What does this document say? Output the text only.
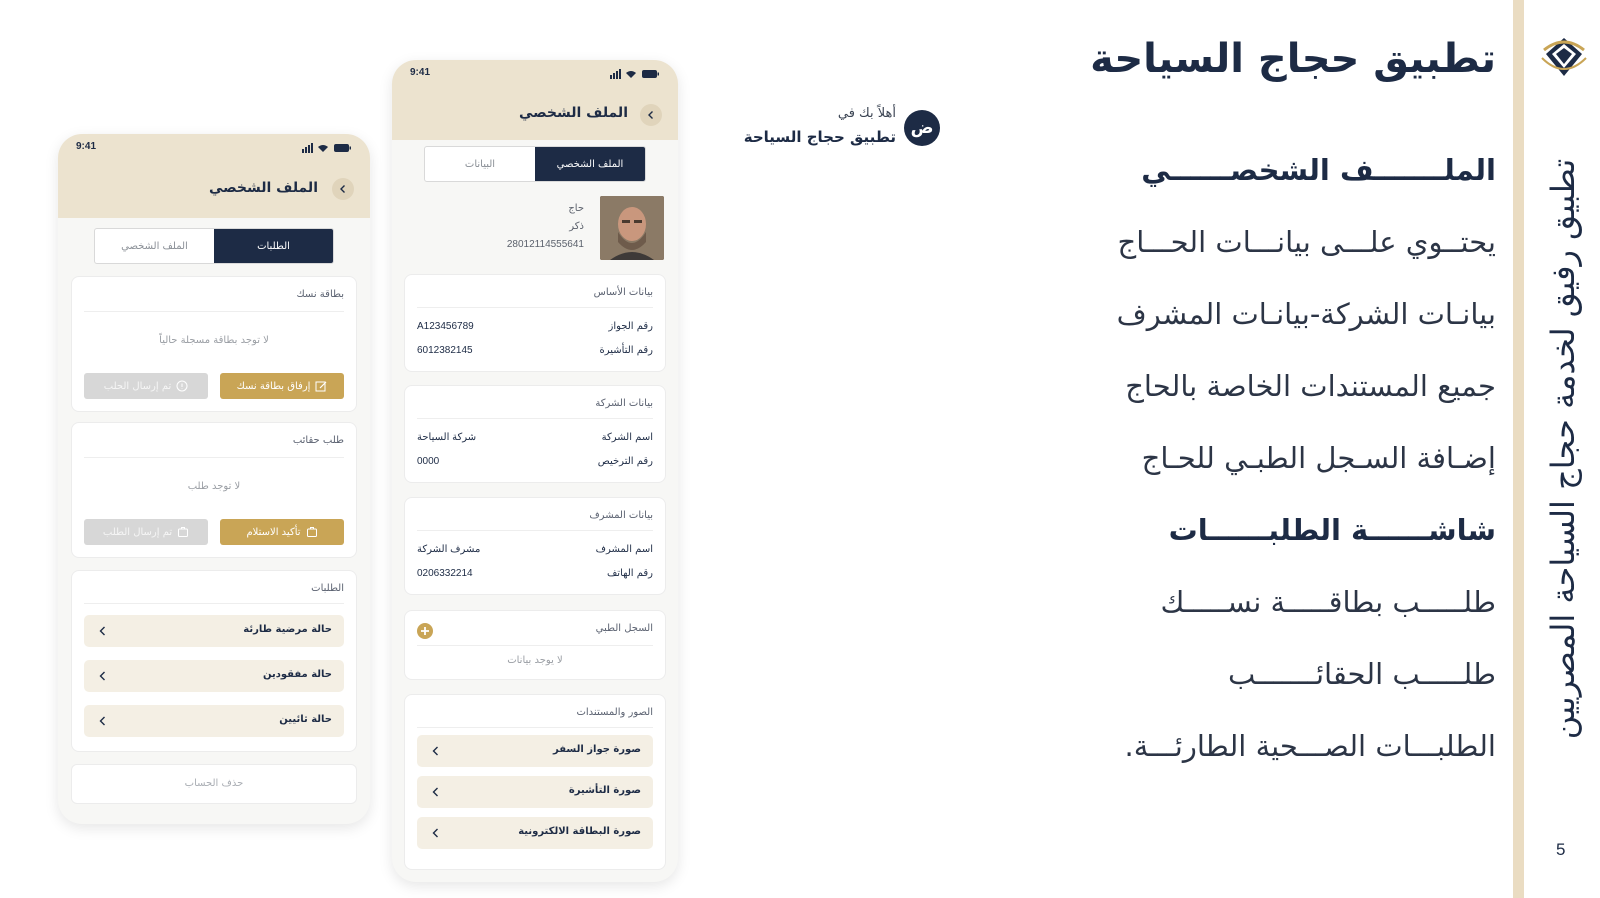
تطبيق رفيق لخدمة حجاج السياحة المصريين
5
تطبيق حجاج السياحة
الملـــــــف الشخصــــــي
يحتــوي علـــى بيانـــات الحـــاج
بيانـات الشركة-بيانـات المشرف
جميع المستندات الخاصة بالحاج
إضـافة السـجل الطبـي للحـاج
شاشــــــة الطلبــــــات
طلـــــب بطاقـــــة نســـــك
طلـــــب الحقائـــــــب
الطلبـــات الصـــحية الطارئـــة.
ض
أهلاً بك في
تطبيق حجاج السياحة
9:41
الملف الشخصي
البيانات	الملف الشخصي
حاج
ذكر
28012114555641
بيانات الأساس
رقم الجواز
A123456789
رقم التأشيرة
6012382145
بيانات الشركة
اسم الشركة
شركة السياحة
رقم الترخيص
0000
بيانات المشرف
اسم المشرف
مشرف الشركة
رقم الهاتف
0206332214
السجل الطبي
لا يوجد بيانات
الصور والمستندات
صورة جواز السفر
صورة التأشيرة
صورة البطاقة الالكترونية
9:41
الملف الشخصي
الملف الشخصي	الطلبات
بطاقة نسك
لا توجد بطاقة مسجلة حالياً
إرفاق بطاقة نسك
تم إرسال الحلب
طلب حقائب
لا توجد طلب
تأكيد الاستلام
تم إرسال الطلب
الطلبات
حالة مرضية طارئة
حالة مفقودين
حالة ثائيين
حذف الحساب
